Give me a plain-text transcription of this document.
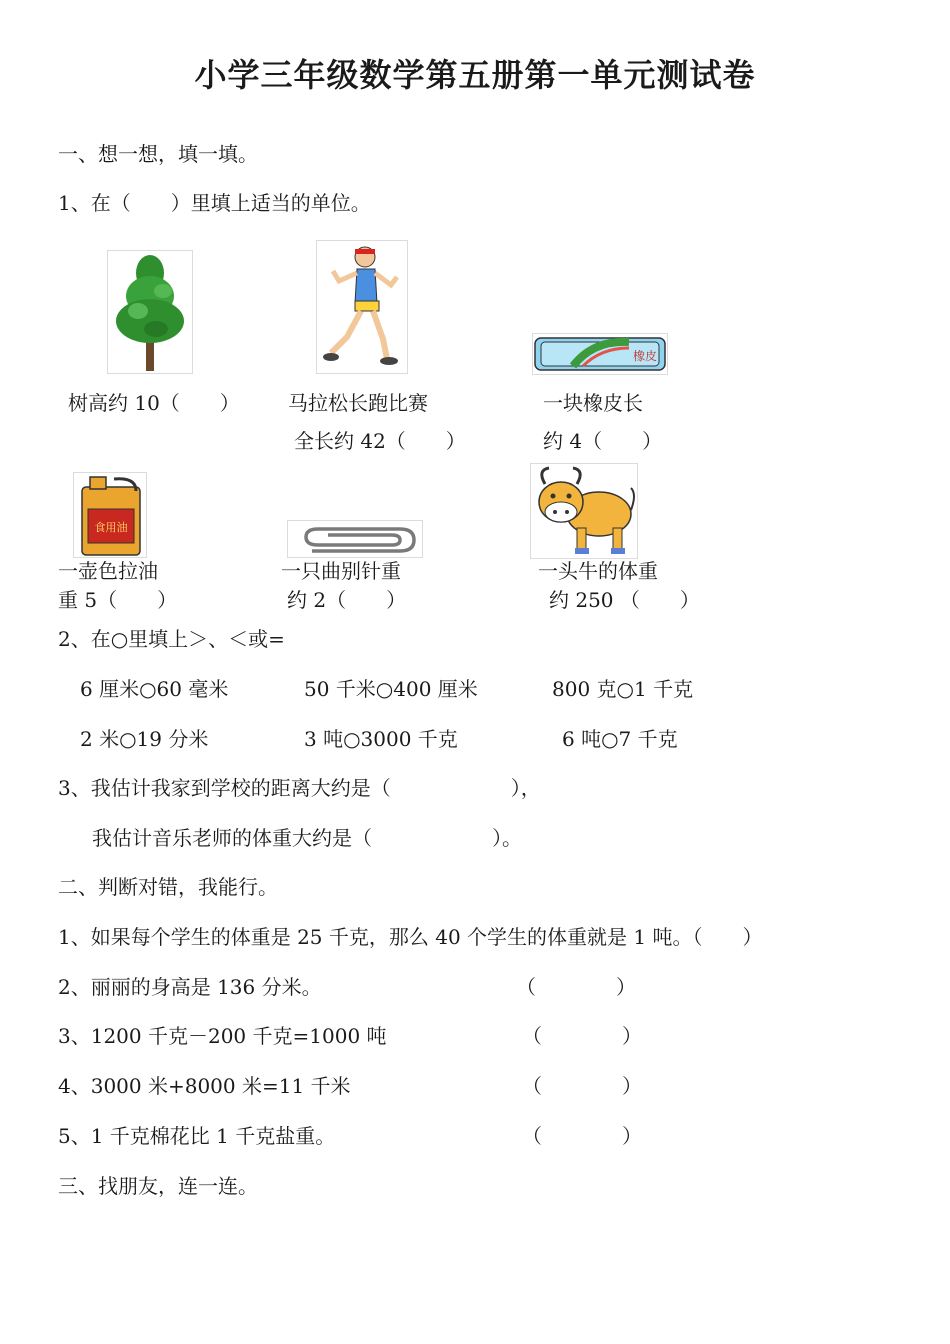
小学三年级数学第五册第一单元测试卷
一、想一想，填一填。
1、在（　　）里填上适当的单位。
橡皮
树高约 10（　　） 马拉松长跑比赛
全长约 42（　　）
一块橡皮长
约 4（　　）
食用油
一壶色拉油
重 5（　　）
一只曲别针重
约 2（　　）
一头牛的体重
约 250 （　　）
2、在○里填上＞、＜或=
6 厘米○60 毫米	50 千米○400 厘米	800 克○1 千克
2 米○19 分米	3 吨○3000 千克	6 吨○7 千克
3、我估计我家到学校的距离大约是（　　　　　　），
我估计音乐老师的体重大约是（　　　　　　）。
二、判断对错，我能行。
1、如果每个学生的体重是 25 千克，那么 40 个学生的体重就是 1 吨。（　　）
2、丽丽的身高是 136 分米。	（　　　　）
3、1200 千克－200 千克=1000 吨	（　　　　）
4、3000 米+8000 米=11 千米	（　　　　）
5、1 千克棉花比 1 千克盐重。	（　　　　）
三、找朋友，连一连。
